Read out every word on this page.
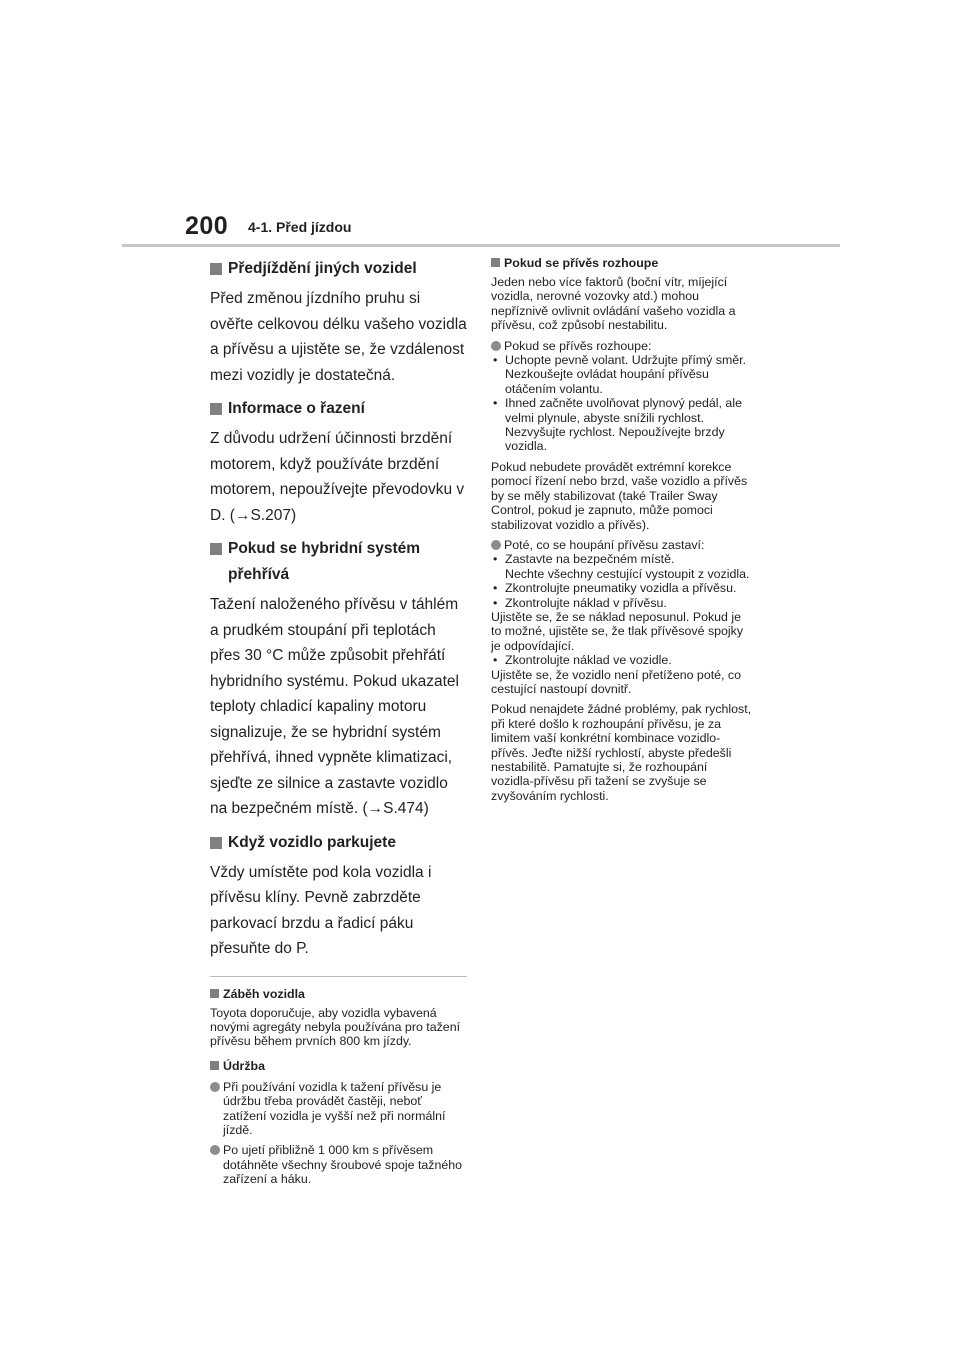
200 4-1. Před jízdou
Předjíždění jiných vozidel

Před změnou jízdního pruhu si ověřte celkovou délku vašeho vozidla a přívěsu a ujistěte se, že vzdálenost mezi vozidly je dostatečná.

Informace o řazení

Z důvodu udržení účinnosti brzdění motorem, když používáte brzdění motorem, nepoužívejte převodovku v D. (→S.207)

Pokud se hybridní systém přehřívá

Tažení naloženého přívěsu v táhlém a prudkém stoupání při teplotách přes 30 °C může způsobit přehřátí hybridního systému. Pokud ukazatel teploty chladicí kapaliny motoru signalizuje, že se hybridní systém přehřívá, ihned vypněte klimatizaci, sjeďte ze silnice a zastavte vozidlo na bezpečném místě. (→S.474)

Když vozidlo parkujete

Vždy umístěte pod kola vozidla i přívěsu klíny. Pevně zabrzděte parkovací brzdu a řadicí páku přesuňte do P.

Záběh vozidla

Toyota doporučuje, aby vozidla vybavená novými agregáty nebyla používána pro tažení přívěsu během prvních 800 km jízdy.

Údržba
Při používání vozidla k tažení přívěsu je údržbu třeba provádět častěji, neboť zatížení vozidla je vyšší než při normální jízdě.
Po ujetí přibližně 1 000 km s přívěsem dotáhněte všechny šroubové spoje tažného zařízení a háku.
Pokud se přívěs rozhoupe

Jeden nebo více faktorů (boční vítr, míjející vozidla, nerovné vozovky atd.) mohou nepříznivě ovlivnit ovládání vašeho vozidla a přívěsu, což způsobí nestabilitu.

Pokud se přívěs rozhoupe:
• Uchopte pevně volant. Udržujte přímý směr.
Nezkoušejte ovládat houpání přívěsu otáčením volantu.
• Ihned začněte uvolňovat plynový pedál, ale velmi plynule, abyste snížili rychlost.
Nezvyšujte rychlost. Nepoužívejte brzdy vozidla.

Pokud nebudete provádět extrémní korekce pomocí řízení nebo brzd, vaše vozidlo a přívěs by se měly stabilizovat (také Trailer Sway Control, pokud je zapnuto, může pomoci stabilizovat vozidlo a přívěs).

Poté, co se houpání přívěsu zastaví:
• Zastavte na bezpečném místě.
Nechte všechny cestující vystoupit z vozidla.
• Zkontrolujte pneumatiky vozidla a přívěsu.
• Zkontrolujte náklad v přívěsu.

Ujistěte se, že se náklad neposunul. Pokud je to možné, ujistěte se, že tlak přívěsové spojky je odpovídající.

• Zkontrolujte náklad ve vozidle.

Ujistěte se, že vozidlo není přetíženo poté, co cestující nastoupí dovnitř.

Pokud nenajdete žádné problémy, pak rychlost, při které došlo k rozhoupání přívěsu, je za limitem vaší konkrétní kombinace vozidlo-přívěs. Jeďte nižší rychlostí, abyste předešli nestabilitě. Pamatujte si, že rozhoupání vozidla-přívěsu při tažení se zvyšuje se zvyšováním rychlosti.
